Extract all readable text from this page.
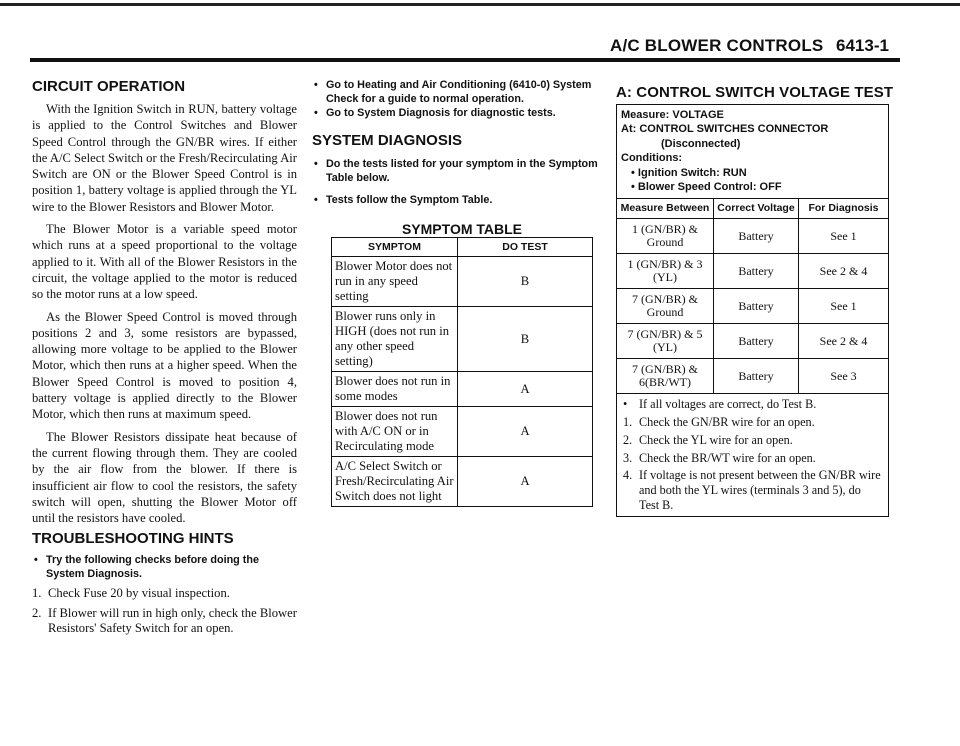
A/C BLOWER CONTROLS 6413-1
CIRCUIT OPERATION

With the Ignition Switch in RUN, battery voltage is applied to the Control Switches and Blower Speed Control through the GN/BR wires. If either the A/C Select Switch or the Fresh/Recirculating Air Switch are ON or the Blower Speed Control is in position 1, battery voltage is applied through the YL wire to the Blower Resistors and Blower Motor.

The Blower Motor is a variable speed motor which runs at a speed proportional to the voltage applied to it. With all of the Blower Resistors in the circuit, the voltage applied to the motor is reduced so the motor runs at a low speed.

As the Blower Speed Control is moved through positions 2 and 3, some resistors are bypassed, allowing more voltage to be applied to the Blower Motor, which then runs at a higher speed. When the Blower Speed Control is moved to position 4, battery voltage is applied directly to the Blower Motor, which then runs at maximum speed.

The Blower Resistors dissipate heat because of the current flowing through them. They are cooled by the air flow from the blower. If there is insufficient air flow to cool the resistors, the safety switch will open, shutting the Blower Motor off until the resistors have cooled.

TROUBLESHOOTING HINTS
• Try the following checks before doing the System Diagnosis.
1. Check Fuse 20 by visual inspection.
2. If Blower will run in high only, check the Blower Resistors' Safety Switch for an open.
• Go to Heating and Air Conditioning (6410-0) System Check for a guide to normal operation.
• Go to System Diagnosis for diagnostic tests.
SYSTEM DIAGNOSIS
• Do the tests listed for your symptom in the Symptom Table below.
• Tests follow the Symptom Table.
SYMPTOM TABLE
SYMPTOM	DO TEST
Blower Motor does not run in any speed setting	B
Blower runs only in HIGH (does not run in any other speed setting)	B
Blower does not run in some modes	A
Blower does not run with A/C ON or in Recirculating mode	A
A/C Select Switch or Fresh/Recirculating Air Switch does not light	A
A: CONTROL SWITCH VOLTAGE TEST
Measure: VOLTAGE
At: CONTROL SWITCHES CONNECTOR
(Disconnected)
Conditions:
• Ignition Switch: RUN
• Blower Speed Control: OFF
Measure Between	Correct Voltage	For Diagnosis
1 (GN/BR) & Ground	Battery	See 1
1 (GN/BR) & 3 (YL)	Battery	See 2 & 4
7 (GN/BR) & Ground	Battery	See 1
7 (GN/BR) & 5 (YL)	Battery	See 2 & 4
7 (GN/BR) & 6(BR/WT)	Battery	See 3
• If all voltages are correct, do Test B.
1. Check the GN/BR wire for an open.
2. Check the YL wire for an open.
3. Check the BR/WT wire for an open.
4. If voltage is not present between the GN/BR wire and both the YL wires (terminals 3 and 5), do Test B.
